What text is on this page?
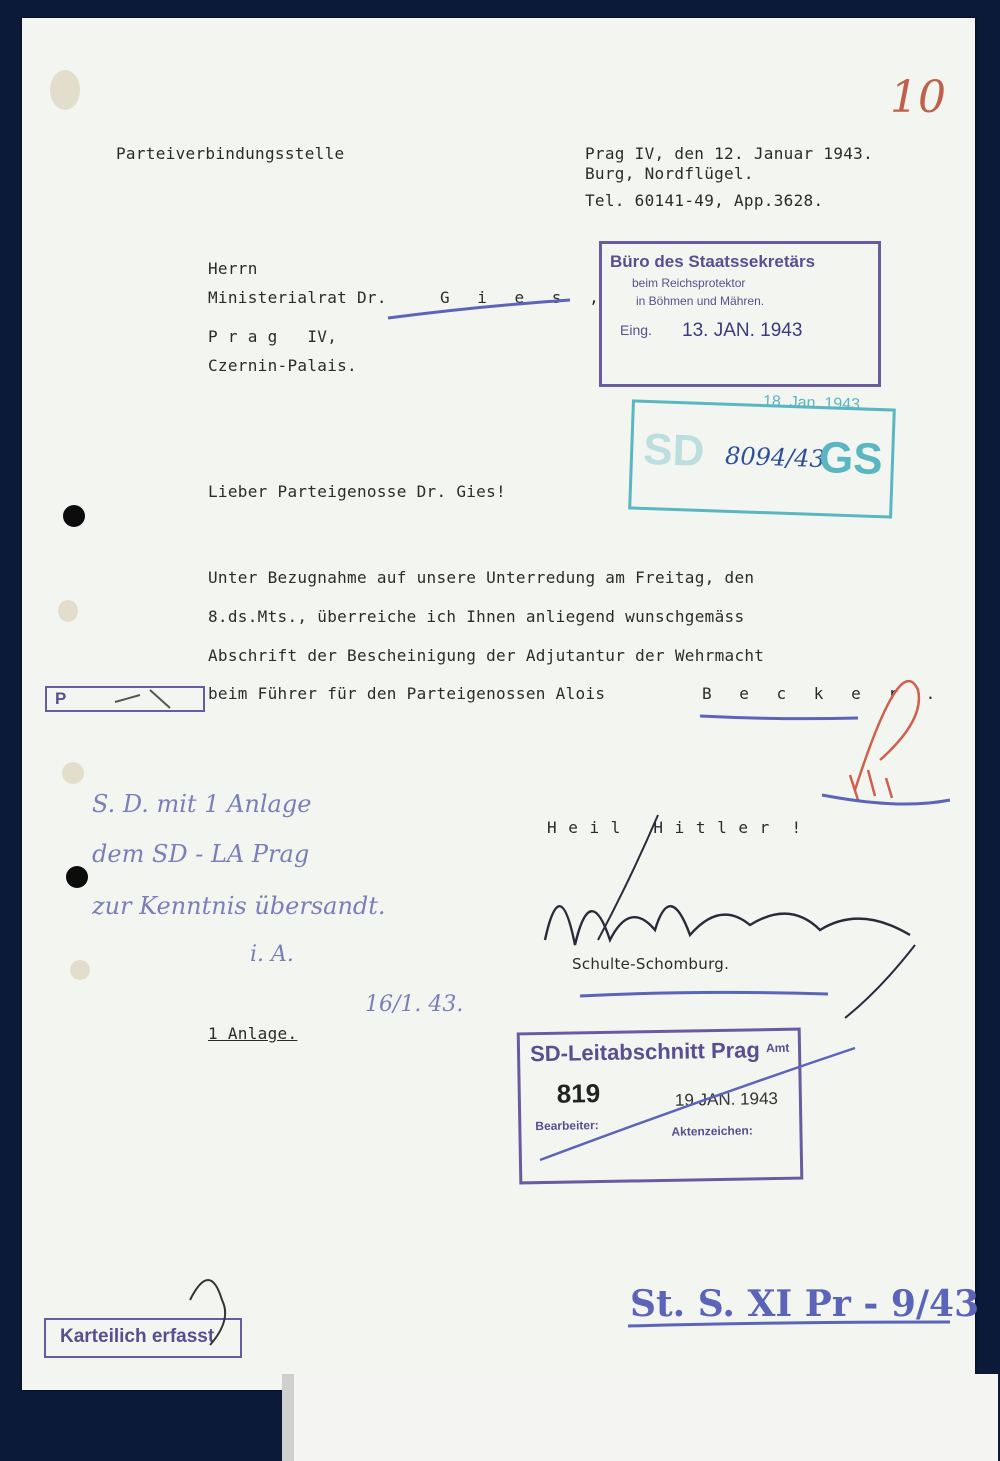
10
Parteiverbindungsstelle	Prag IV, den 12. Januar 1943.
Burg, Nordflügel.
Tel. 60141-49, App.3628.
Herrn
Ministerialrat Dr.	G i e s ,
P r a g   IV,
Czernin-Palais.
Lieber Parteigenosse Dr. Gies!
Unter Bezugnahme auf unsere Unterredung am Freitag, den
8.ds.Mts., überreiche ich Ihnen anliegend wunschgemäss
Abschrift der Bescheinigung der Adjutantur der Wehrmacht
beim Führer für den Parteigenossen Alois	B e c k e r .
H e i l   H i t l e r  !
Schulte-Schomburg.
1 Anlage.
Büro des Staatssekretärs
beim Reichsprotektor
in Böhmen und Mähren.
Eing. 13. JAN. 1943
18. Jan. 1943
SD 8094/43
GS
P
SD-Leitabschnitt Prag Amt
819	19 JAN. 1943
Bearbeiter:	Aktenzeichen:
Karteilich erfasst
St. S. XI Pr - 9/43
S. D. mit 1 Anlage
dem SD - LA Prag
zur Kenntnis übersandt.
i. A.
16/1. 43.
